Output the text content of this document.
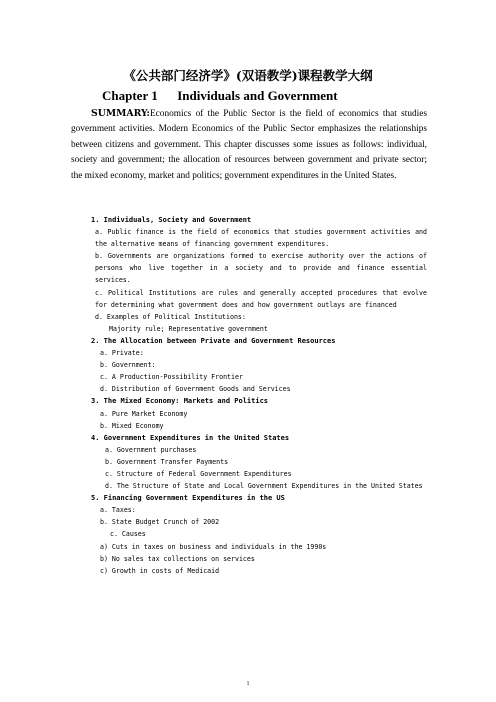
《公共部门经济学》(双语教学)课程教学大纲
Chapter 1      Individuals and Government
SUMMARY:Economics of the Public Sector is the field of economics that studies government activities. Modern Economics of the Public Sector emphasizes the relationships between citizens and government. This chapter discusses some issues as follows: individual, society and government; the allocation of resources between government and private sector; the mixed economy, market and politics; government expenditures in the United States.
1. Individuals, Society and Government
a. Public finance is the field of economics that studies government activities and the alternative means of financing government expenditures.
b. Governments are organizations formed to exercise authority over the actions of persons who live together in a society and to provide and finance essential services.
c. Political Institutions are rules and generally accepted procedures that evolve for determining what government does and how government outlays are financed
d. Examples of Political Institutions:
Majority rule; Representative government
2. The Allocation between Private and Government Resources
a. Private:
b. Government:
c. A Production-Possibility Frontier
d. Distribution of Government Goods and Services
3. The Mixed Economy: Markets and Politics
a. Pure Market Economy
b. Mixed Economy
4. Government Expenditures in the United States
a. Government purchases
b. Government Transfer Payments
c. Structure of Federal Government Expenditures
d. The Structure of State and Local Government Expenditures in the United States
5. Financing Government Expenditures in the US
a. Taxes:
b. State Budget Crunch of 2002
c. Causes
a) Cuts in taxes on business and individuals in the 1990s
b) No sales tax collections on services
c) Growth in costs of Medicaid
1
